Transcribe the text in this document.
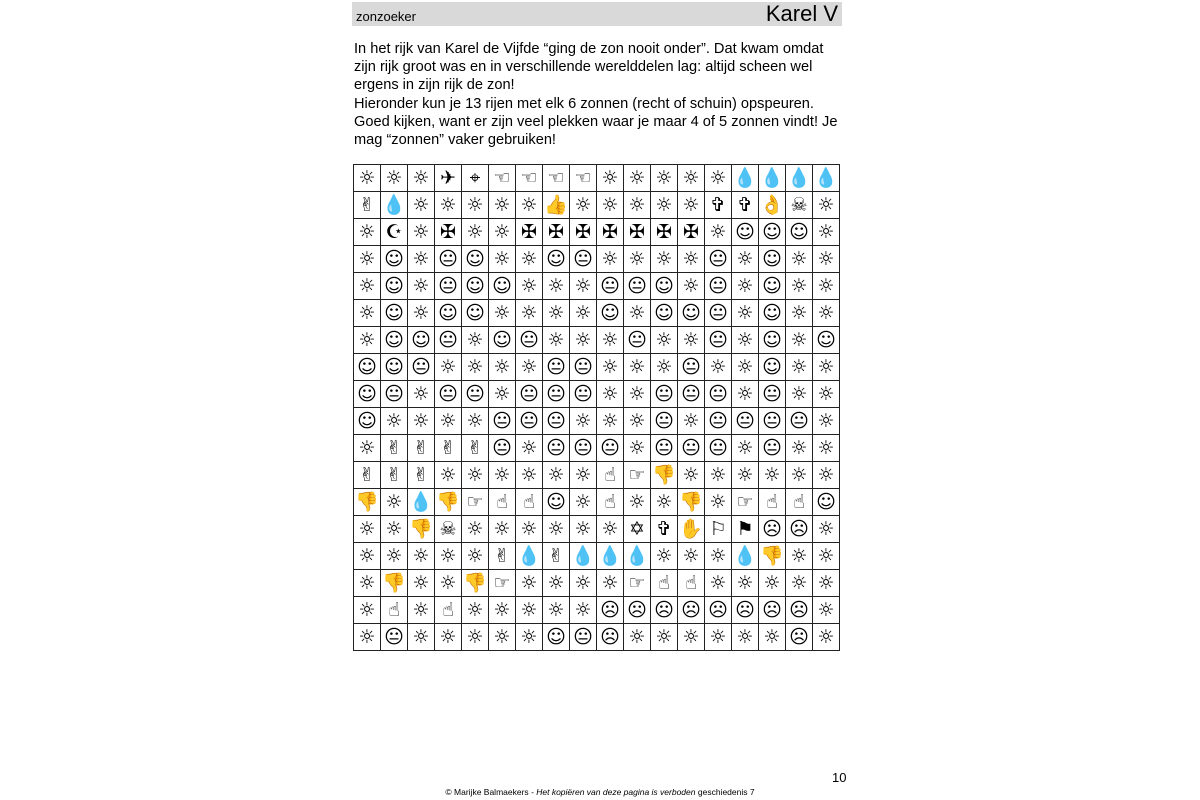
zonzoeker	Karel V

In het rijk van Karel de Vijfde “ging de zon nooit onder”. Dat kwam omdat zijn rijk groot was en in verschillende werelddelen lag: altijd scheen wel ergens in zijn rijk de zon!

Hieronder kun je 13 rijen met elk 6 zonnen (recht of schuin) opspeuren. Goed kijken, want er zijn veel plekken waar je maar 4 of 5 zonnen vindt! Je mag “zonnen” vaker gebruiken!

☼	☼	☼	✈	⌖	☜	☜	☜	☜	☼	☼	☼	☼	☼	💧	💧	💧	💧
✌	💧	☼	☼	☼	☼	☼	👍	☼	☼	☼	☼	☼	✞	✞	👌	☠	☼
☼	☪	☼	✠	☼	☼	✠	✠	✠	✠	✠	✠	✠	☼	☺	☺	☺	☼
☼	☺	☼	😐	☺	☼	☼	☺	😐	☼	☼	☼	☼	😐	☼	☺	☼	☼
☼	☺	☼	😐	☺	☺	☼	☼	☼	😐	😐	☺	☼	😐	☼	☺	☼	☼
☼	☺	☼	☺	☺	☼	☼	☼	☼	☺	☼	☺	☺	😐	☼	☺	☼	☼
☼	☺	☺	😐	☼	☺	😐	☼	☼	☼	😐	☼	☼	😐	☼	☺	☼	☺
☺	☺	😐	☼	☼	☼	☼	😐	😐	☼	☼	☼	😐	☼	☼	☺	☼	☼
☺	😐	☼	😐	😐	☼	😐	😐	😐	☼	☼	😐	😐	😐	☼	😐	☼	☼
☺	☼	☼	☼	☼	😐	😐	😐	☼	☼	☼	😐	☼	😐	😐	😐	😐	☼
☼	✌	✌	✌	✌	😐	☼	😐	😐	😐	☼	😐	😐	😐	☼	😐	☼	☼
✌	✌	✌	☼	☼	☼	☼	☼	☼	☝	☞	👎	☼	☼	☼	☼	☼	☼
👎	☼	💧	👎	☞	☝	☝	☺	☼	☝	☼	☼	👎	☼	☞	☝	☝	☺
☼	☼	👎	☠	☼	☼	☼	☼	☼	☼	✡	✞	✋	⚐	⚑	☹	☹	☼
☼	☼	☼	☼	☼	✌	💧	✌	💧	💧	💧	☼	☼	☼	💧	👎	☼	☼
☼	👎	☼	☼	👎	☞	☼	☼	☼	☼	☞	☝	☝	☼	☼	☼	☼	☼
☼	☝	☼	☝	☼	☼	☼	☼	☼	☹	☹	☹	☹	☹	☹	☹	☹	☼
☼	😐	☼	☼	☼	☼	☼	☺	😐	☹	☼	☼	☼	☼	☼	☼	☹	☼
10
© Marijke Balmaekers - Het kopiëren van deze pagina is verboden geschiedenis 7
